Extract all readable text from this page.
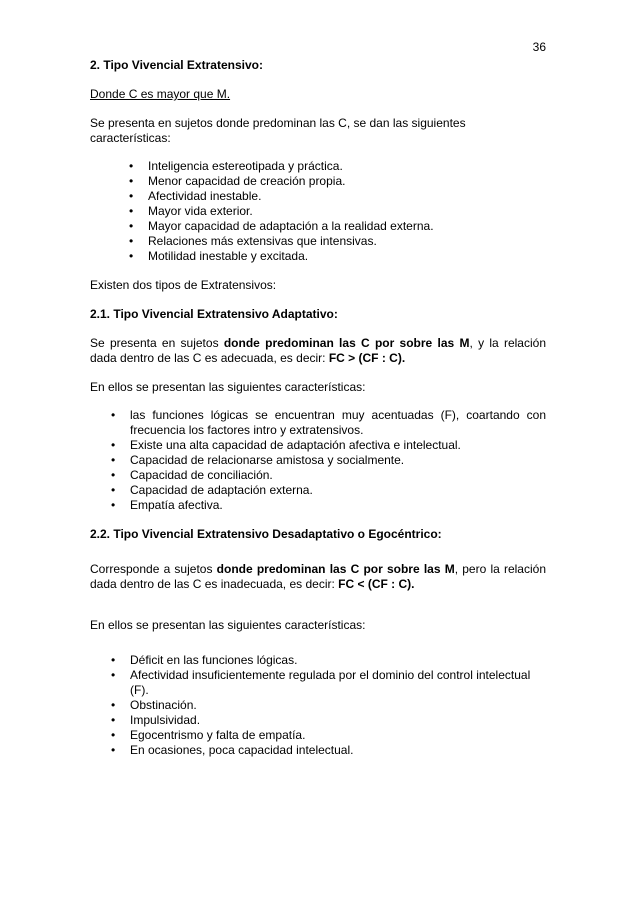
36

2. Tipo Vivencial Extratensivo:

Donde C es mayor que M.

Se presenta en sujetos donde predominan las C, se dan las siguientes características:

• Inteligencia estereotipada y práctica.
• Menor capacidad de creación propia.
• Afectividad inestable.
• Mayor vida exterior.
• Mayor capacidad de adaptación a la realidad externa.
• Relaciones más extensivas que intensivas.
• Motilidad inestable y excitada.

Existen dos tipos de Extratensivos:

2.1. Tipo Vivencial Extratensivo Adaptativo:

Se presenta en sujetos donde predominan las C por sobre las M, y la relación dada dentro de las C es adecuada, es decir: FC > (CF : C).

En ellos se presentan las siguientes características:

• las funciones lógicas se encuentran muy acentuadas (F), coartando con frecuencia los factores intro y extratensivos.
• Existe una alta capacidad de adaptación afectiva e intelectual.
• Capacidad de relacionarse amistosa y socialmente.
• Capacidad de conciliación.
• Capacidad de adaptación externa.
• Empatía afectiva.

2.2. Tipo Vivencial Extratensivo Desadaptativo o Egocéntrico:

Corresponde a sujetos donde predominan las C por sobre las M, pero la relación dada dentro de las C es inadecuada, es decir: FC < (CF : C).

En ellos se presentan las siguientes características:

• Déficit en las funciones lógicas.
• Afectividad insuficientemente regulada por el dominio del control intelectual (F).
• Obstinación.
• Impulsividad.
• Egocentrismo y falta de empatía.
• En ocasiones, poca capacidad intelectual.
